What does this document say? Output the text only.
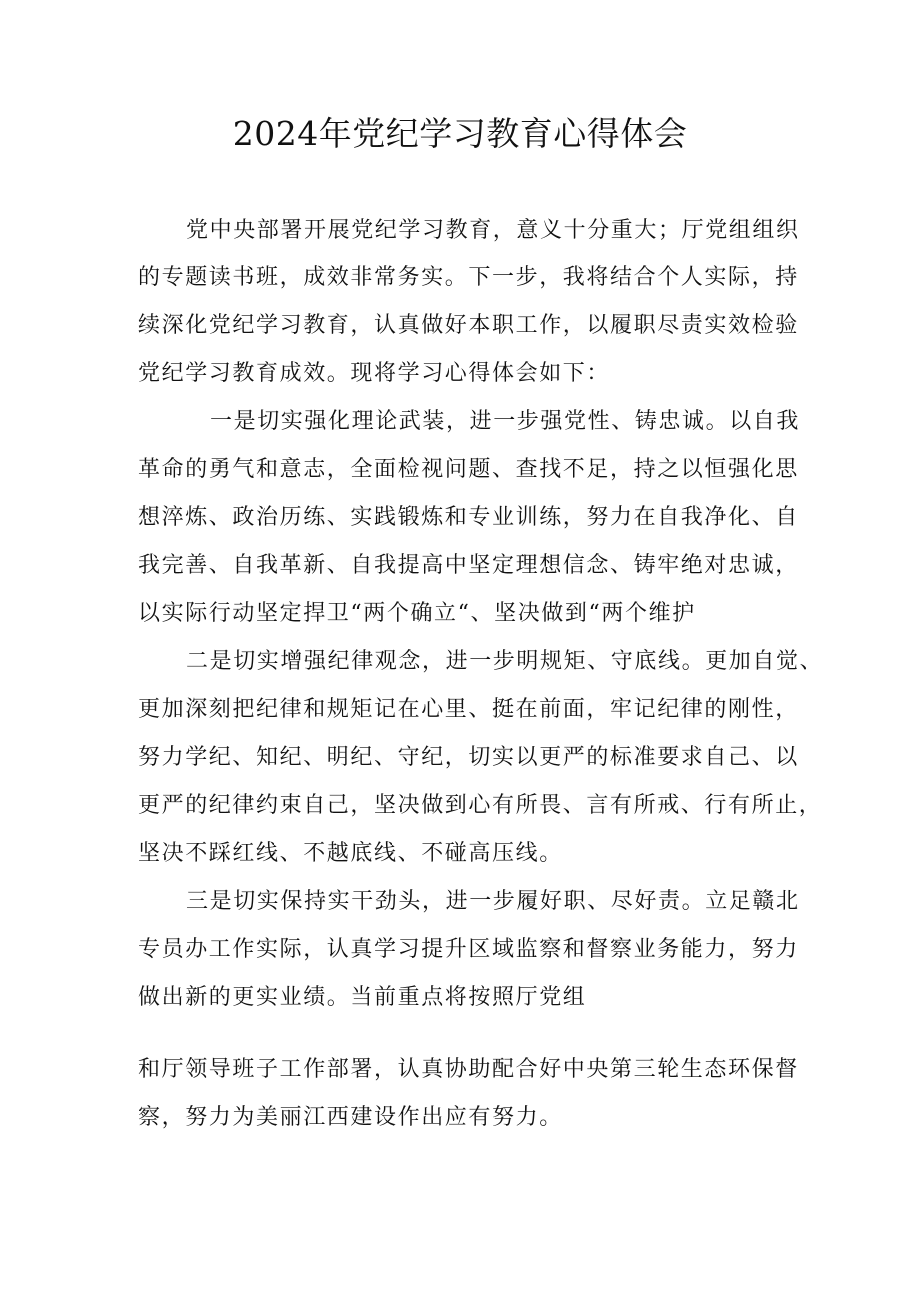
2024年党纪学习教育心得体会
党中央部署开展党纪学习教育，意义十分重大；厅党组组织
的专题读书班，成效非常务实。下一步，我将结合个人实际，持
续深化党纪学习教育，认真做好本职工作，以履职尽责实效检验
党纪学习教育成效。现将学习心得体会如下：
一是切实强化理论武装，进一步强党性、铸忠诚。以自我
革命的勇气和意志，全面检视问题、查找不足，持之以恒强化思
想淬炼、政治历练、实践锻炼和专业训练，努力在自我净化、自
我完善、自我革新、自我提高中坚定理想信念、铸牢绝对忠诚，
以实际行动坚定捍卫“两个确立“、坚决做到“两个维护
二是切实增强纪律观念，进一步明规矩、守底线。更加自觉、
更加深刻把纪律和规矩记在心里、挺在前面，牢记纪律的刚性，
努力学纪、知纪、明纪、守纪，切实以更严的标准要求自己、以
更严的纪律约束自己，坚决做到心有所畏、言有所戒、行有所止，
坚决不踩红线、不越底线、不碰高压线。
三是切实保持实干劲头，进一步履好职、尽好责。立足赣北
专员办工作实际，认真学习提升区域监察和督察业务能力，努力
做出新的更实业绩。当前重点将按照厅党组
和厅领导班子工作部署，认真协助配合好中央第三轮生态环保督
察，努力为美丽江西建设作出应有努力。
